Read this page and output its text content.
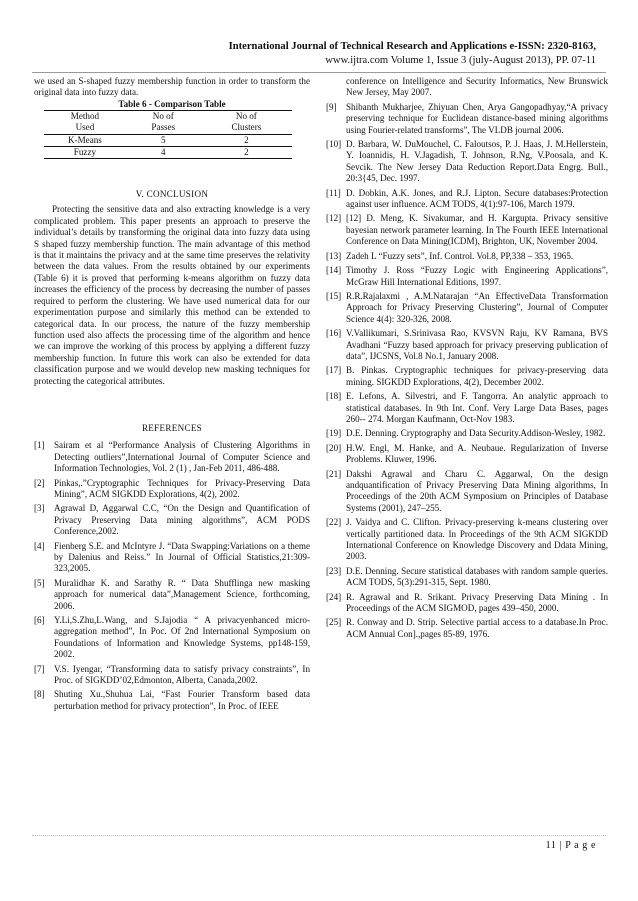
International Journal of Technical Research and Applications e-ISSN: 2320-8163,
www.ijtra.com Volume 1, Issue 3 (july-August 2013), PP. 07-11

we used an S-shaped fuzzy membership function in order to transform the original data into fuzzy data.

Table 6 - Comparison Table
Method	No of	No of
Used	Passes	Clusters
K-Means	5	2
Fuzzy	4	2
V. CONCLUSION

Protecting the sensitive data and also extracting knowledge is a very complicated problem. This paper presents an approach to preserve the individual’s details by transforming the original data into fuzzy data using S shaped fuzzy membership function. The main advantage of this method is that it maintains the privacy and at the same time preserves the relativity between the data values. From the results obtained by our experiments (Table 6) it is proved that performing k-means algorithm on fuzzy data increases the efficiency of the process by decreasing the number of passes required to perform the clustering. We have used numerical data for our experimentation purpose and similarly this method can be extended to categorical data. In our process, the nature of the fuzzy membership function used also affects the processing time of the algorithm and hence we can improve the working of this process by applying a different fuzzy membership function. In future this work can also be extended for data classification purpose and we would develop new masking techniques for protecting the categorical attributes.

REFERENCES
[1] Sairam et al “Performance Analysis of Clustering Algorithms in Detecting outliers”,International Journal of Computer Science and Information Technologies, Vol. 2 (1) , Jan-Feb 2011, 486-488.
[2] Pinkas,.”Cryptographic Techniques for Privacy-Preserving Data Mining”, ACM SIGKDD Explorations, 4(2), 2002.
[3] Agrawal D, Aggarwal C.C, “On the Design and Quantification of Privacy Preserving Data mining algorithms”, ACM PODS Conference,2002.
[4] Fienberg S.E. and McIntyre J. “Data Swapping:Variations on a theme by Dalenius and Reiss.” In Journal of Official Statistics,21:309-323,2005.
[5] Muralidhar K. and Sarathy R. “ Data Shufflinga new masking approach for numerical data”,Management Science, forthcoming, 2006.
[6] Y.Li,S.Zhu,L.Wang, and S.Jajodia “ A privacyenhanced micro-aggregation method”, In Poc. Of 2nd International Symposium on Foundations of Information and Knowledge Systems, pp148-159, 2002.
[7] V.S. Iyengar, “Transforming data to satisfy privacy constraints”, In Proc. of SIGKDD’02,Edmonton, Alberta, Canada,2002.
[8] Shuting Xu.,Shuhua Lai, “Fast Fourier Transform based data perturbation method for privacy protection”, In Proc. of IEEE
conference on Intelligence and Security Informatics, New Brunswick New Jersey, May 2007.
[9] Shibanth Mukharjee, Zhiyuan Chen, Arya Gangopadhyay,“A privacy preserving technique for Euclidean distance-based mining algorithms using Fourier-related transforms”, The VLDB journal 2006.
[10] D. Barbara, W. DuMouchel, C. Faloutsos, P. J. Haas, J. M.Hellerstein, Y. Ioannidis, H. V.Jagadish, T. Johnson, R.Ng, V.Poosala, and K. Sevcik. The New Jersey Data Reduction Report.Data Engrg. Bull., 20:3{45, Dec. 1997.
[11] D. Dobkin, A.K. Jones, and R.J. Lipton. Secure databases:Protection against user influence. ACM TODS, 4(1):97-106, March 1979.
[12] [12] D. Meng, K. Sivakumar, and H. Kargupta. Privacy sensitive bayesian network parameter learning. In The Fourth IEEE International Conference on Data Mining(ICDM), Brighton, UK, November 2004.
[13] Zadeh L “Fuzzy sets”, Inf. Control. Vol.8, PP,338 – 353, 1965.
[14] Timothy J. Ross “Fuzzy Logic with Engineering Applications”, McGraw Hill International Editions, 1997.
[15] R.R.Rajalaxmi , A.M.Natarajan “An EffectiveData Transformation Approach for Privacy Preserving Clustering”, Journal of Computer Science 4(4): 320-326, 2008.
[16] V.Vallikumari, S.Srinivasa Rao, KVSVN Raju, KV Ramana, BVS Avadhani “Fuzzy based approach for privacy preserving publication of data”, IJCSNS, Vol.8 No.1, January 2008.
[17] B. Pinkas. Cryptographic techniques for privacy-preserving data mining. SIGKDD Explorations, 4(2), December 2002.
[18] E. Lefons, A. Silvestri, and F. Tangorra. An analytic approach to statistical databases. In 9th Int. Conf. Very Large Data Bases, pages 260-- 274. Morgan Kaufmann, Oct-Nov 1983.
[19] D.E. Denning. Cryptography and Data Security.Addison-Wesley, 1982.
[20] H.W. Engl, M. Hanke, and A. Neubaue. Regularization of Inverse Problems. Kluwer, 1996.
[21] Dakshi Agrawal and Charu C. Aggarwal, On the design andquantification of Privacy Preserving Data Mining algorithms, In Proceedings of the 20th ACM Symposium on Principles of Database Systems (2001), 247–255.
[22] J. Vaidya and C. Clifton. Privacy-preserving k-means clustering over vertically partitioned data. In Proceedings of the 9th ACM SIGKDD International Conference on Knowledge Discovery and Ddata Mining, 2003.
[23] D.E. Denning. Secure statistical databases with random sample queries. ACM TODS, 5(3):291-315, Sept. 1980.
[24] R. Agrawal and R. Srikant. Privacy Preserving Data Mining . In Proceedings of the ACM SIGMOD, pages 439–450, 2000.
[25] R. Conway and D. Strip. Selective partial access to a database.In Proc. ACM Annual Con].,pages 85-89, 1976.
11 | P a g e
